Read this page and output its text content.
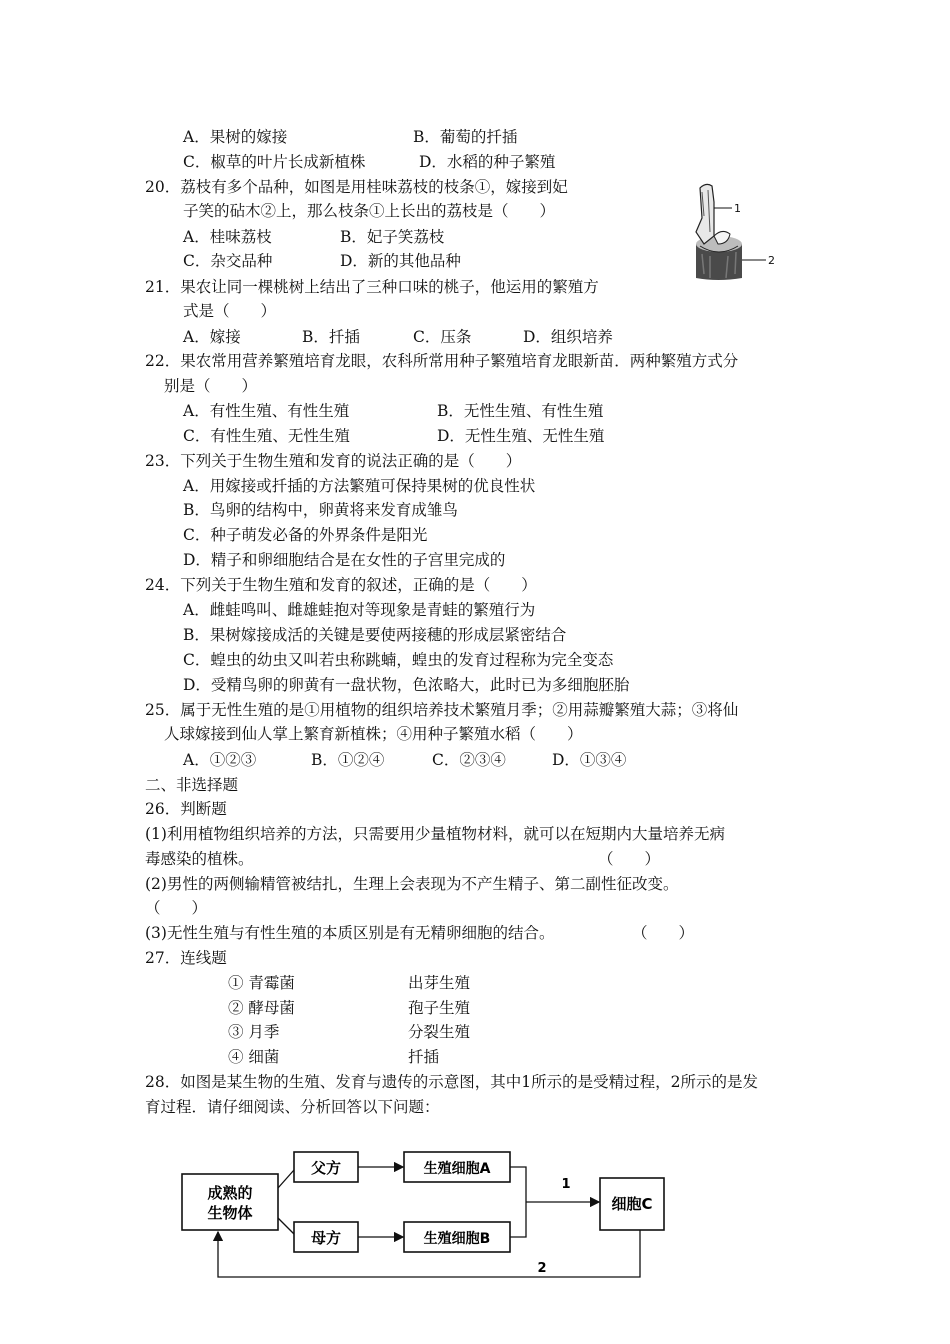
A．果树的嫁接	B．葡萄的扦插
C．椒草的叶片长成新植株	D．水稻的种子繁殖
20．荔枝有多个品种，如图是用桂味荔枝的枝条①，嫁接到妃
子笑的砧木②上，那么枝条①上长出的荔枝是（　　）
A．桂味荔枝	B．妃子笑荔枝
C．杂交品种	D．新的其他品种
1
2
21．果农让同一棵桃树上结出了三种口味的桃子，他运用的繁殖方
式是（　　）
A．嫁接	B．扦插	C．压条	D．组织培养
22．果农常用营养繁殖培育龙眼，农科所常用种子繁殖培育龙眼新苗．两种繁殖方式分
别是（　　）
A．有性生殖、有性生殖	B．无性生殖、有性生殖
C．有性生殖、无性生殖	D．无性生殖、无性生殖
23．下列关于生物生殖和发育的说法正确的是（　　）
A．用嫁接或扦插的方法繁殖可保持果树的优良性状
B．鸟卵的结构中，卵黄将来发育成雏鸟
C．种子萌发必备的外界条件是阳光
D．精子和卵细胞结合是在女性的子宫里完成的
24．下列关于生物生殖和发育的叙述，正确的是（　　）
A．雌蛙鸣叫、雌雄蛙抱对等现象是青蛙的繁殖行为
B．果树嫁接成活的关键是要使两接穗的形成层紧密结合
C．蝗虫的幼虫又叫若虫称跳蝻，蝗虫的发育过程称为完全变态
D．受精鸟卵的卵黄有一盘状物，色浓略大，此时已为多细胞胚胎
25．属于无性生殖的是①用植物的组织培养技术繁殖月季；②用蒜瓣繁殖大蒜；③将仙
人球嫁接到仙人掌上繁育新植株；④用种子繁殖水稻（　　）
A．①②③	B．①②④	C．②③④	D．①③④
二、非选择题
26．判断题
(1)利用植物组织培养的方法，只需要用少量植物材料，就可以在短期内大量培养无病
毒感染的植株。	（　　）
(2)男性的两侧输精管被结扎，生理上会表现为不产生精子、第二副性征改变。
（　　）
(3)无性生殖与有性生殖的本质区别是有无精卵细胞的结合。	（　　）
27．连线题
① 青霉菌	出芽生殖
② 酵母菌	孢子生殖
③ 月季	分裂生殖
④ 细菌	扦插
28．如图是某生物的生殖、发育与遗传的示意图，其中1所示的是受精过程，2所示的是发
育过程．请仔细阅读、分析回答以下问题：
成熟的
生物体
父方
母方
生殖细胞A
生殖细胞B
细胞C
1
2
